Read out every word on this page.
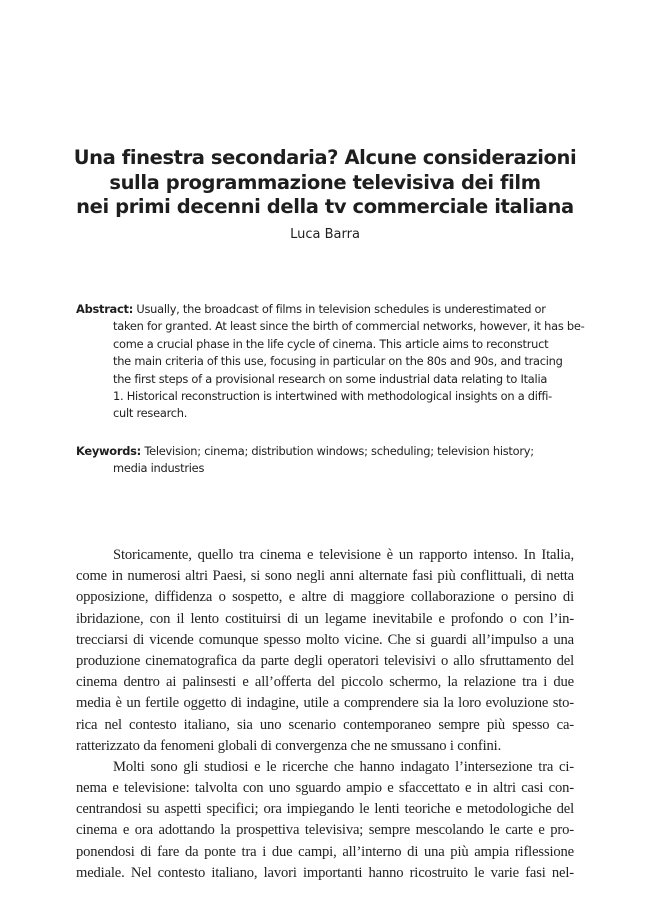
Una finestra secondaria? Alcune considerazioni
sulla programmazione televisiva dei film
nei primi decenni della tv commerciale italiana
Luca Barra
Abstract: Usually, the broadcast of films in television schedules is underestimated or
taken for granted. At least since the birth of commercial networks, however, it has be-
come a crucial phase in the life cycle of cinema. This article aims to reconstruct
the main criteria of this use, focusing in particular on the 80s and 90s, and tracing
the first steps of a provisional research on some industrial data relating to Italia
1. Historical reconstruction is intertwined with methodological insights on a diffi-
cult research.
Keywords: Television; cinema; distribution windows; scheduling; television history;
media industries
Storicamente, quello tra cinema e televisione è un rapporto intenso. In Italia,
come in numerosi altri Paesi, si sono negli anni alternate fasi più conflittuali, di netta
opposizione, diffidenza o sospetto, e altre di maggiore collaborazione o persino di
ibridazione, con il lento costituirsi di un legame inevitabile e profondo o con l’in-
trecciarsi di vicende comunque spesso molto vicine. Che si guardi all’impulso a una
produzione cinematografica da parte degli operatori televisivi o allo sfruttamento del
cinema dentro ai palinsesti e all’offerta del piccolo schermo, la relazione tra i due
media è un fertile oggetto di indagine, utile a comprendere sia la loro evoluzione sto-
rica nel contesto italiano, sia uno scenario contemporaneo sempre più spesso ca-
ratterizzato da fenomeni globali di convergenza che ne smussano i confini.
Molti sono gli studiosi e le ricerche che hanno indagato l’intersezione tra ci-
nema e televisione: talvolta con uno sguardo ampio e sfaccettato e in altri casi con-
centrandosi su aspetti specifici; ora impiegando le lenti teoriche e metodologiche del
cinema e ora adottando la prospettiva televisiva; sempre mescolando le carte e pro-
ponendosi di fare da ponte tra i due campi, all’interno di una più ampia riflessione
mediale. Nel contesto italiano, lavori importanti hanno ricostruito le varie fasi nel-
